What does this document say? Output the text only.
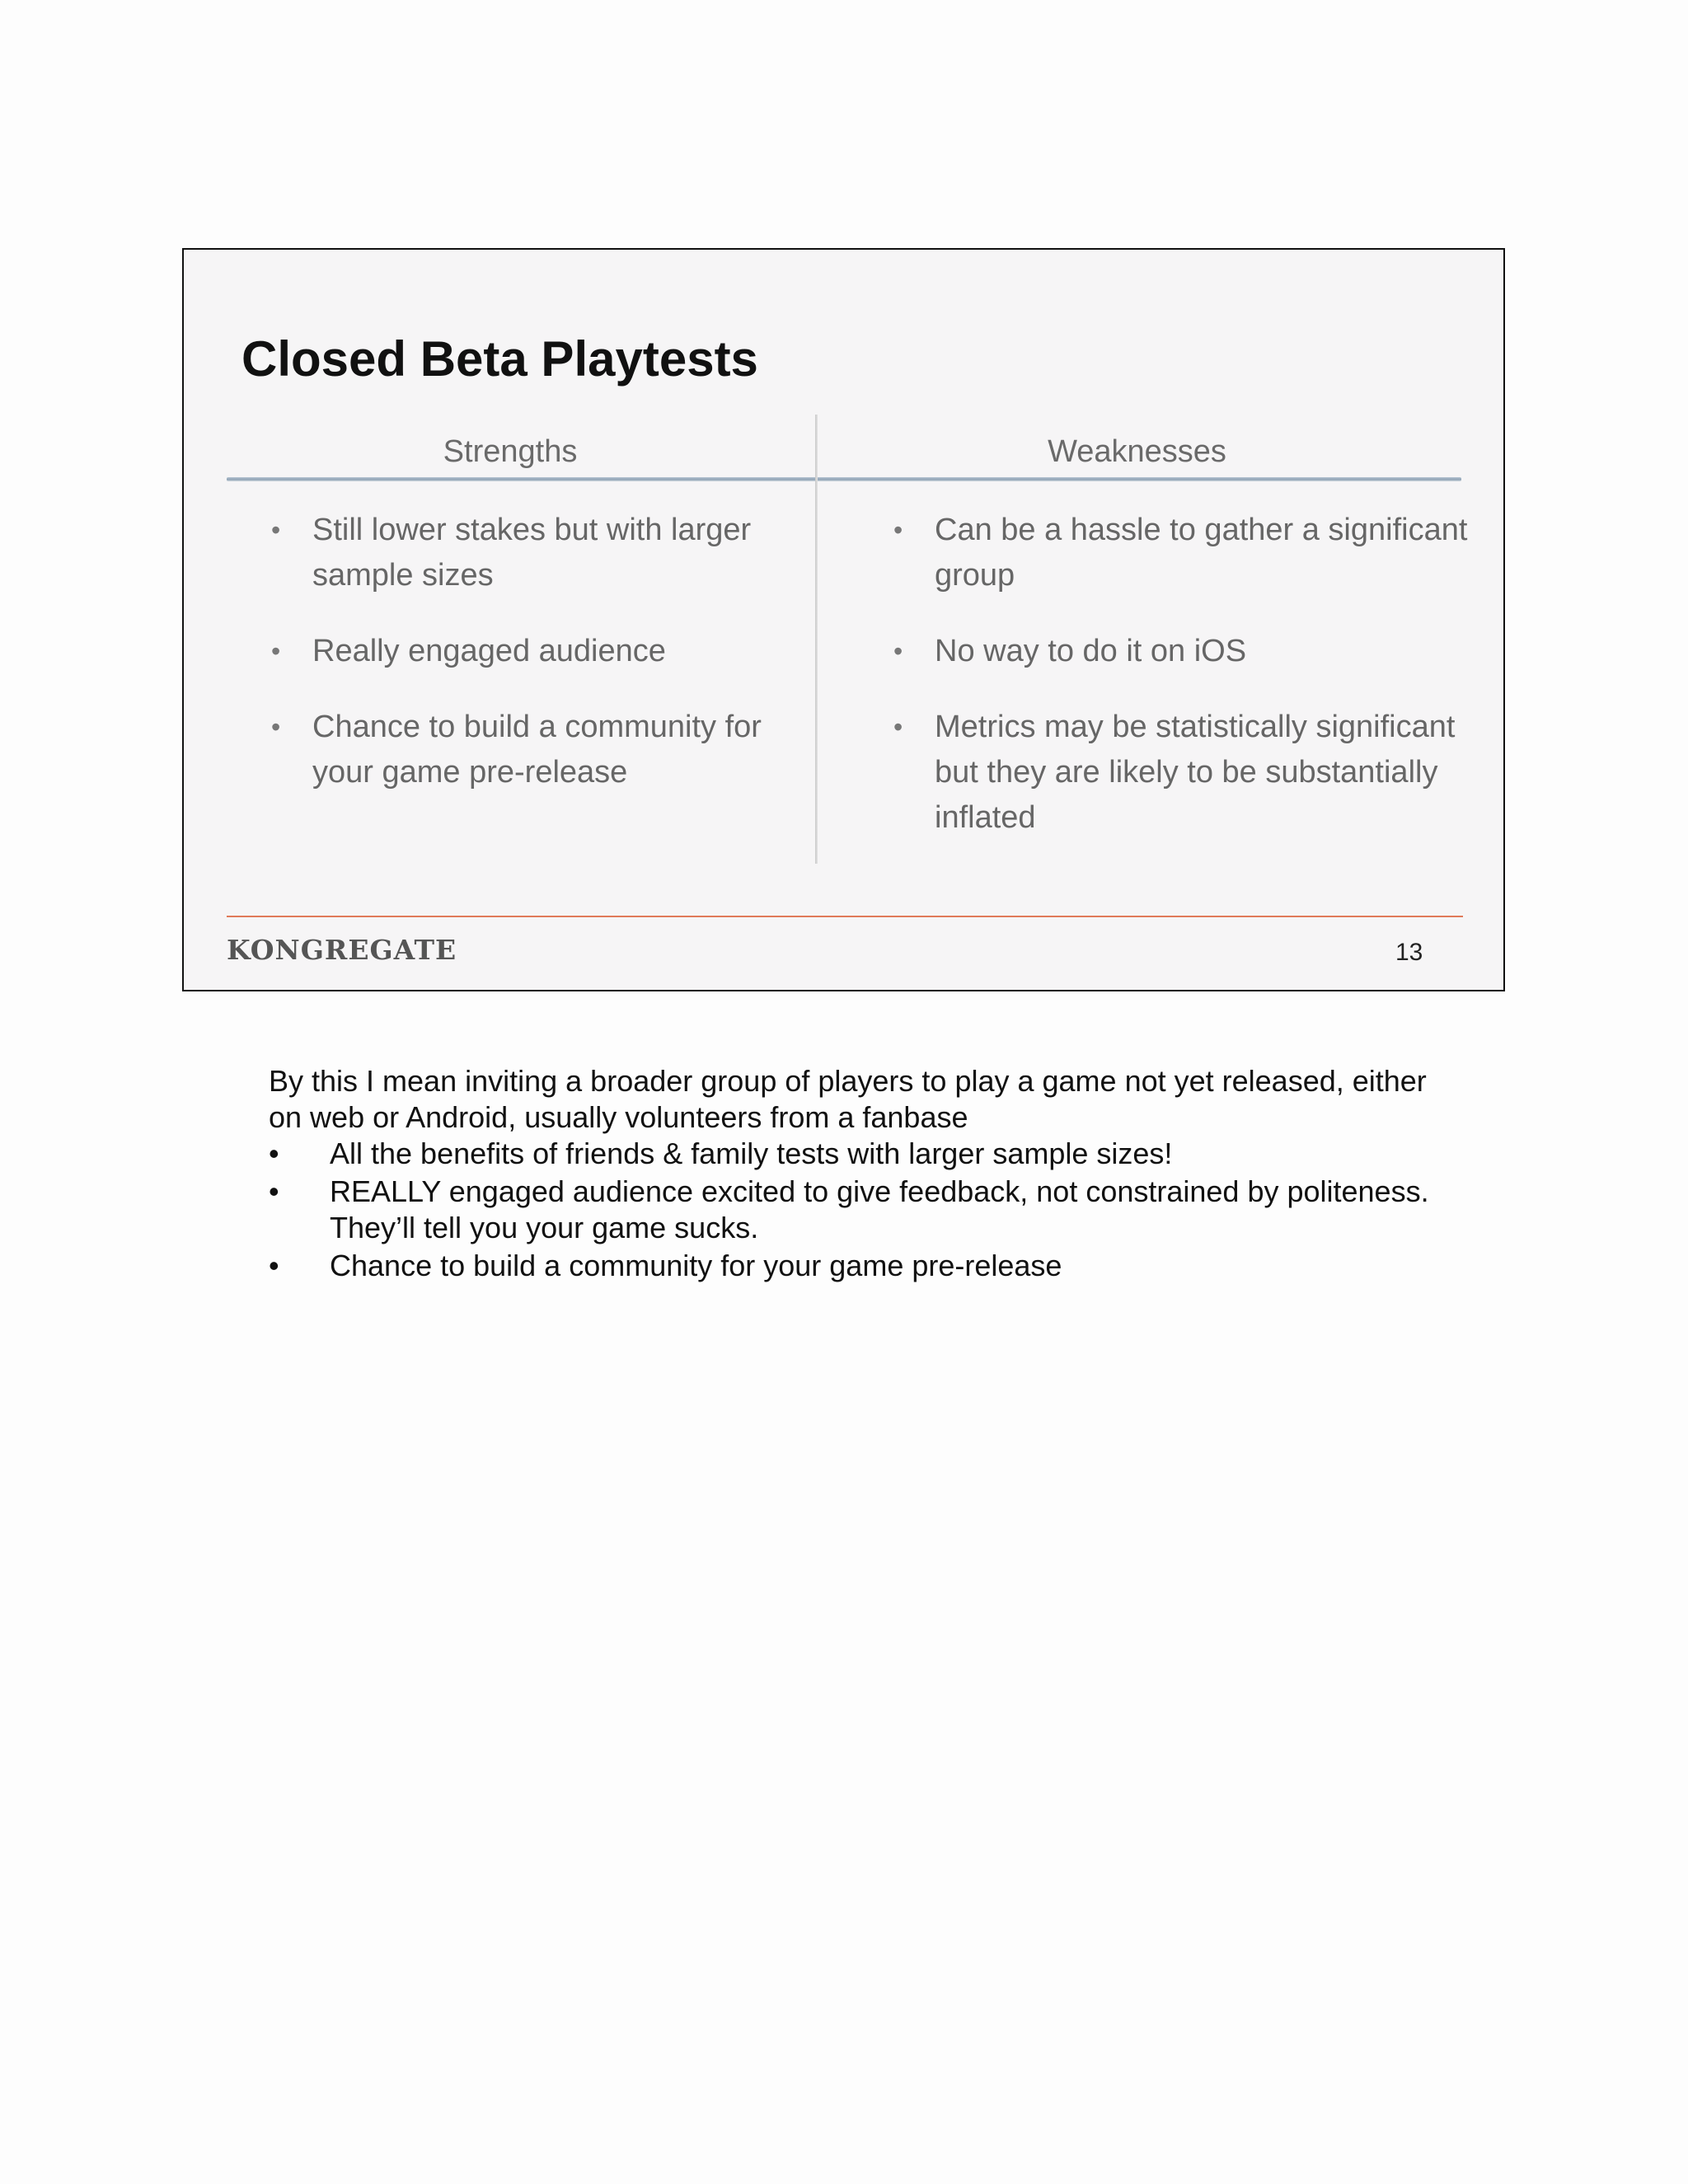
Closed Beta Playtests
Strengths	Weaknesses
• Still lower stakes but with larger sample sizes
• Really engaged audience
• Chance to build a community for your game pre-release
• Can be a hassle to gather a significant group
• No way to do it on iOS
• Metrics may be statistically significant but they are likely to be substantially inflated
KONGREGATE	13

By this I mean inviting a broader group of players to play a game not yet released, either on web or Android, usually volunteers from a fanbase

• All the benefits of friends & family tests with larger sample sizes!
• REALLY engaged audience excited to give feedback, not constrained by politeness. They’ll tell you your game sucks.
• Chance to build a community for your game pre-release
